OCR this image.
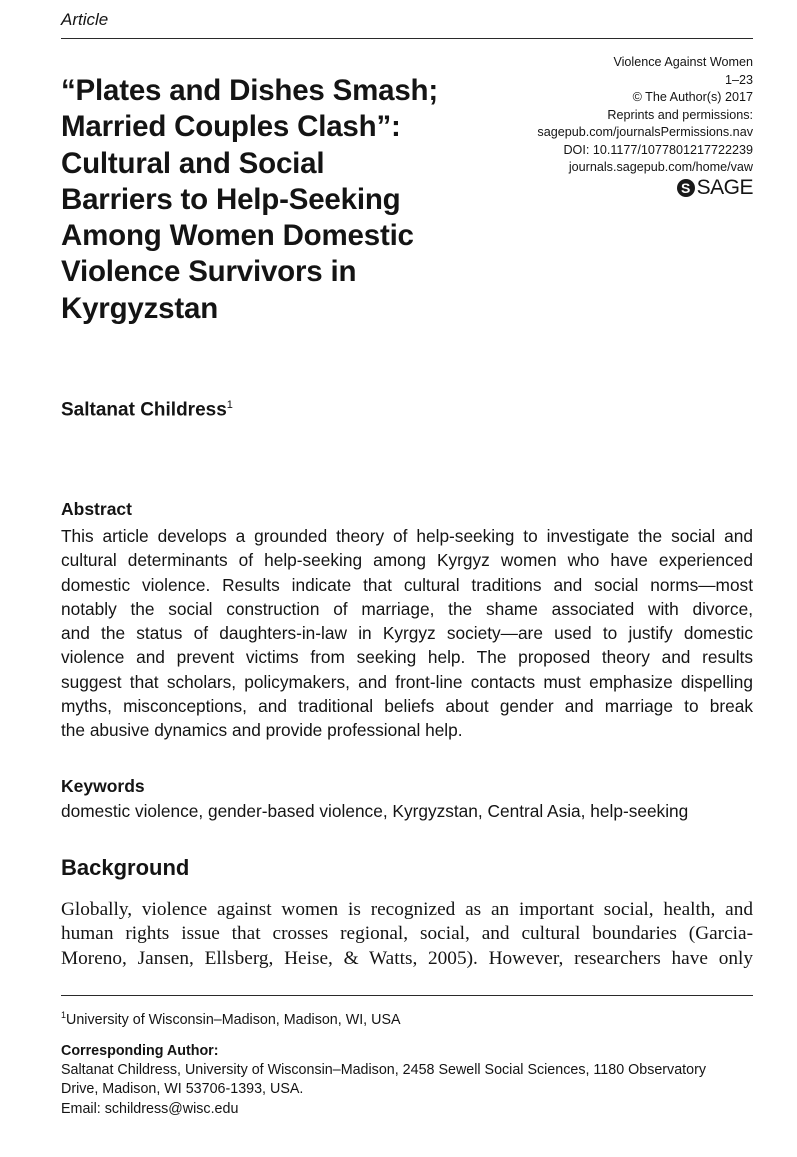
Article
Violence Against Women
1–23
© The Author(s) 2017
Reprints and permissions:
sagepub.com/journalsPermissions.nav
DOI: 10.1177/1077801217722239
journals.sagepub.com/home/vaw
S SAGE
“Plates and Dishes Smash;
Married Couples Clash”:
Cultural and Social
Barriers to Help-Seeking
Among Women Domestic
Violence Survivors in
Kyrgyzstan
Saltanat Childress$^1$
Abstract
This article develops a grounded theory of help-seeking to investigate the social and
cultural determinants of help-seeking among Kyrgyz women who have experienced
domestic violence. Results indicate that cultural traditions and social norms—most
notably the social construction of marriage, the shame associated with divorce,
and the status of daughters-in-law in Kyrgyz society—are used to justify domestic
violence and prevent victims from seeking help. The proposed theory and results
suggest that scholars, policymakers, and front-line contacts must emphasize dispelling
myths, misconceptions, and traditional beliefs about gender and marriage to break
the abusive dynamics and provide professional help.
Keywords
domestic violence, gender-based violence, Kyrgyzstan, Central Asia, help-seeking
Background
Globally, violence against women is recognized as an important social, health, and
human rights issue that crosses regional, social, and cultural boundaries (Garcia-
Moreno, Jansen, Ellsberg, Heise, & Watts, 2005). However, researchers have only
$^1$University of Wisconsin–Madison, Madison, WI, USA
Corresponding Author:
Saltanat Childress, University of Wisconsin–Madison, 2458 Sewell Social Sciences, 1180 Observatory
Drive, Madison, WI 53706-1393, USA.
Email: schildress@wisc.edu
